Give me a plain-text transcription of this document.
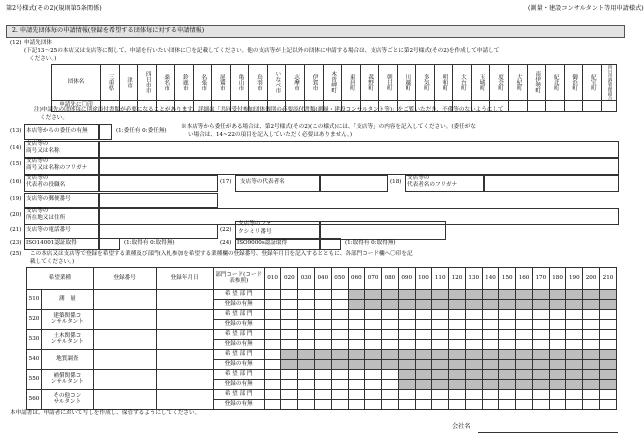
第2号様式(その2)(規則第5条関係)	(測量・建設コンサルタント等用申請様式)
2. 申請先団体毎の申請情報(登録を希望する団体毎に対する申請情報)
(12) 申請先団体
(下記13〜25の本店又は支店等に関して、申請を行いたい団体に〇を記載してください。他の支店等が上記以外の団体に申請する場合は、支店等ごとに第2号様式(その2)を作成して申請して
ください。)
団体名	三重県	津市	四日市市	桑名市	鈴鹿市	名張市	尾鷲市	亀山市	鳥羽市	いなべ市	志摩市	伊賀市	木曽岬町	東員町	菰野町	朝日町	川越町	多気町	明和町	大台町	玉城町	度会町	大紀町	南伊勢町	紀北町	御浜町	紀宝町	四日市港管理組合

申請先に〇印																												
注)申請先の団体毎に別途添付書類が必要になることがあります。詳細は「共同受付参加団体個別の必要添付書類(測量・建設コンサルタント等)」をご覧いただき、不備等のないようにして
ください。
(13) 本店等からの委任の有無	(1:委任有 0:委任無)
※本店等から委任がある場合は、第2号様式(その2)(この様式)には、「支店等」の内容を記入してください。(委任がな
い場合は、14~22の項目を記入していただく必要はありません。)
(14)
支店等の
商号又は名称
(15) 支店等の
商号又は名称のフリガナ
(16)
支店等の
代表者の役職名	(17) 支店等の代表者名	(18)
支店等の
代表者名のフリガナ
(19) 支店等の郵便番号
(20)
支店等の
所在地又は住所
(21) 支店等の電話番号	(22)
支店等のファ
クシミリ番号
(23) ISO14001認証取得	(1:取得有 0:取得無)	(24) ISO9000s認証取得	(1:取得有 0:取得無)
(25) この本店又は支店等で登録を希望する業種及び部門(入札参加を希望する業種欄の登録番号、登録年月日を記入するとともに、各部門コード欄へ〇印を記
載してください。)
希望業種		登録番号	登録年月日	部門コード(コード表参照)	010	020	030	040	050	060	070	080	090	100	110	120	130	140	150	160	170	180	190	200	210
510	測　量			希 望 部 門																					
				登録の有無																					
520	建築関係コ
ンサルタント			希 望 部 門																					
				登録の有無																					
530	土木関係コ
ンサルタント			希 望 部 門																					
				登録の有無																					
540	地質調査			希 望 部 門																					
				登録の有無																					
550	補償関係コ
ンサルタント			希 望 部 門																					
				登録の有無																					
560	その他コン
サルタント			希 望 部 門																					
				登録の有無																					
本申請書は、申請者において写しを作成し、保管するようにしてください。
会社名
